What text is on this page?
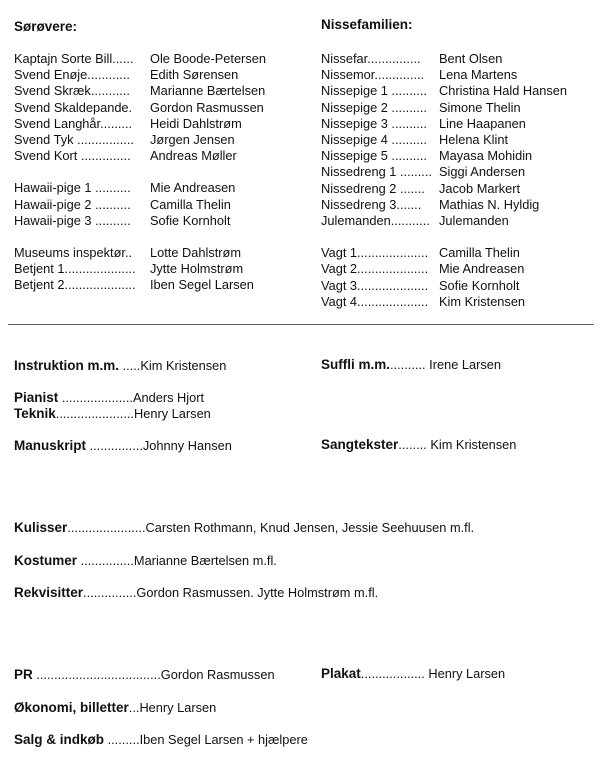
Sørøvere:	Nissefamilien:
Kaptajn Sorte Bill......	Ole Boode-Petersen
Svend Enøje............	Edith Sørensen
Svend Skræk...........	Marianne Bærtelsen
Svend Skaldepande.	Gordon Rasmussen
Svend Langhår.........	Heidi Dahlstrøm
Svend Tyk ................	Jørgen Jensen
Svend Kort ..............	Andreas Møller
Hawaii-pige 1 ..........	Mie Andreasen
Hawaii-pige 2 ..........	Camilla Thelin
Hawaii-pige 3 ..........	Sofie Kornholt
Museums inspektør..	Lotte Dahlstrøm
Betjent 1....................	Jytte Holmstrøm
Betjent 2....................	Iben Segel Larsen
Nissefar...............	Bent Olsen
Nissemor..............	Lena Martens
Nissepige 1 .......... Christina Hald Hansen
Nissepige 2 .......... Simone Thelin
Nissepige 3 .......... Line Haapanen
Nissepige 4 .......... Helena Klint
Nissepige 5 .......... Mayasa Mohidin
Nissedreng 1 ......... Siggi Andersen
Nissedreng 2 .......	Jacob Markert
Nissedreng 3.......	Mathias N. Hyldig
Julemanden........... Julemanden
Vagt 1.................... Camilla Thelin
Vagt 2.................... Mie Andreasen
Vagt 3.................... Sofie Kornholt
Vagt 4.................... Kim Kristensen
Instruktion m.m. .....Kim Kristensen	Suffli m.m........... Irene Larsen
Pianist ....................Anders Hjort
Teknik......................Henry Larsen
Manuskript ...............Johnny Hansen	Sangtekster........ Kim Kristensen
Kulisser......................Carsten Rothmann, Knud Jensen, Jessie Seehuusen m.fl.
Kostumer ...............Marianne Bærtelsen m.fl.
Rekvisitter...............Gordon Rasmussen. Jytte Holmstrøm m.fl.
PR ...................................Gordon Rasmussen	Plakat.................. Henry Larsen
Økonomi, billetter...Henry Larsen
Salg & indkøb .........Iben Segel Larsen + hjælpere
